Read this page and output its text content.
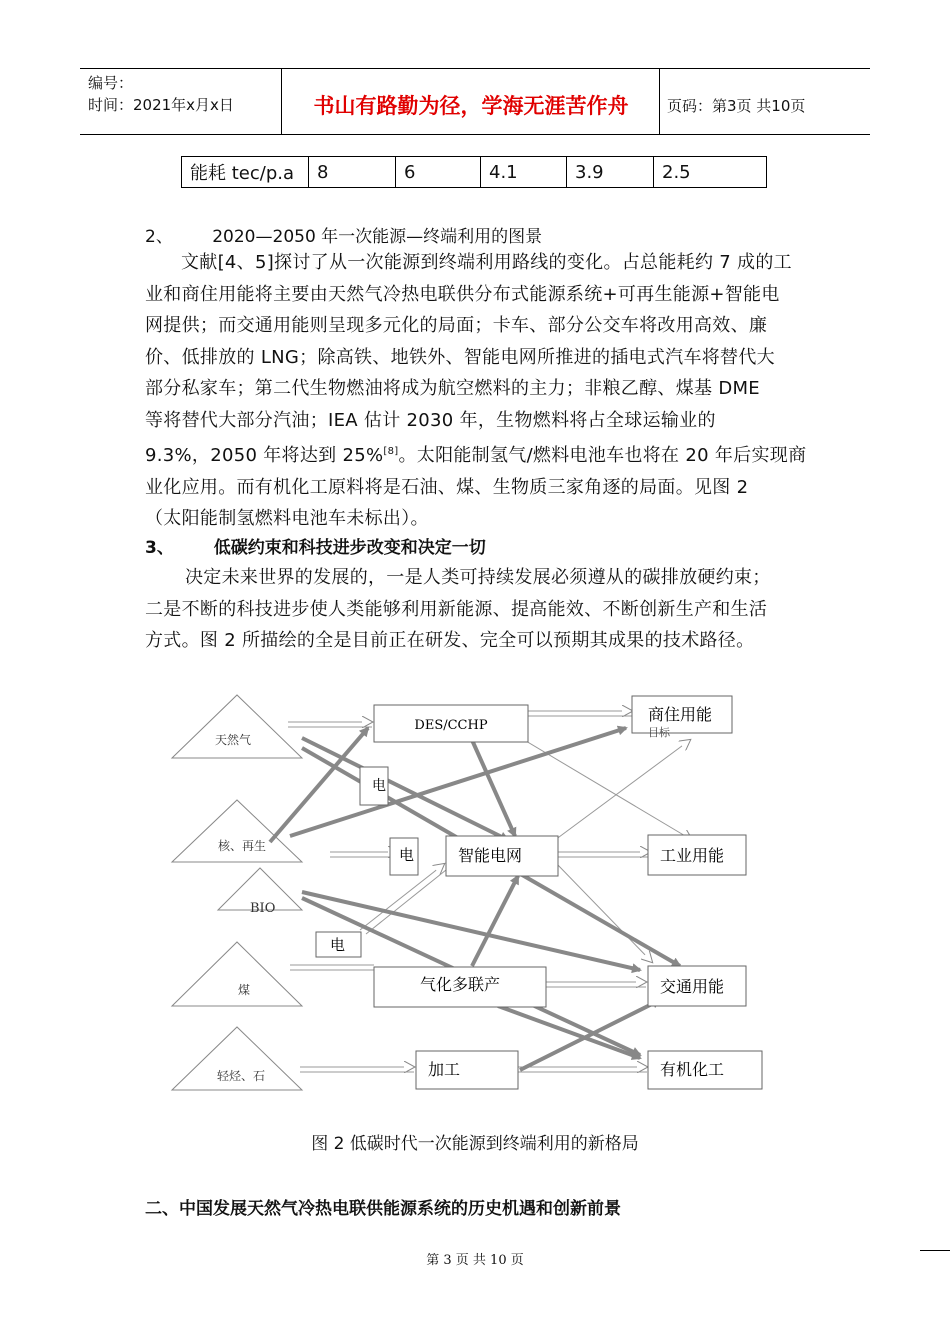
编号：
时间：2021年x月x日	书山有路勤为径，学海无涯苦作舟	页码：第3页 共10页
能耗 tec/p.a	8	6	4.1	3.9	2.5
2、 2020—2050 年一次能源—终端利用的图景
文献[4、5]探讨了从一次能源到终端利用路线的变化。占总能耗约 7 成的工
业和商住用能将主要由天然气冷热电联供分布式能源系统+可再生能源+智能电
网提供；而交通用能则呈现多元化的局面；卡车、部分公交车将改用高效、廉
价、低排放的 LNG；除高铁、地铁外、智能电网所推进的插电式汽车将替代大
部分私家车；第二代生物燃油将成为航空燃料的主力；非粮乙醇、煤基 DME
等将替代大部分汽油；IEA 估计 2030 年，生物燃料将占全球运输业的
9.3%，2050 年将达到 25%[8]。太阳能制氢气/燃料电池车也将在 20 年后实现商
业化应用。而有机化工原料将是石油、煤、生物质三家角逐的局面。见图 2
（太阳能制氢燃料电池车未标出）。
3、 低碳约束和科技进步改变和决定一切
决定未来世界的发展的，一是人类可持续发展必须遵从的碳排放硬约束；
二是不断的科技进步使人类能够利用新能源、提高能效、不断创新生产和生活
方式。图 2 所描绘的全是目前正在研发、完全可以预期其成果的技术路径。
天然气
核、再生
BIO
煤
轻烃、石
DES/CCHP
商住用能
目标
电
电	智能电网	工业用能
电
气化多联产	交通用能
加工	有机化工
图 2 低碳时代一次能源到终端利用的新格局
二、中国发展天然气冷热电联供能源系统的历史机遇和创新前景
第 3 页 共 10 页
